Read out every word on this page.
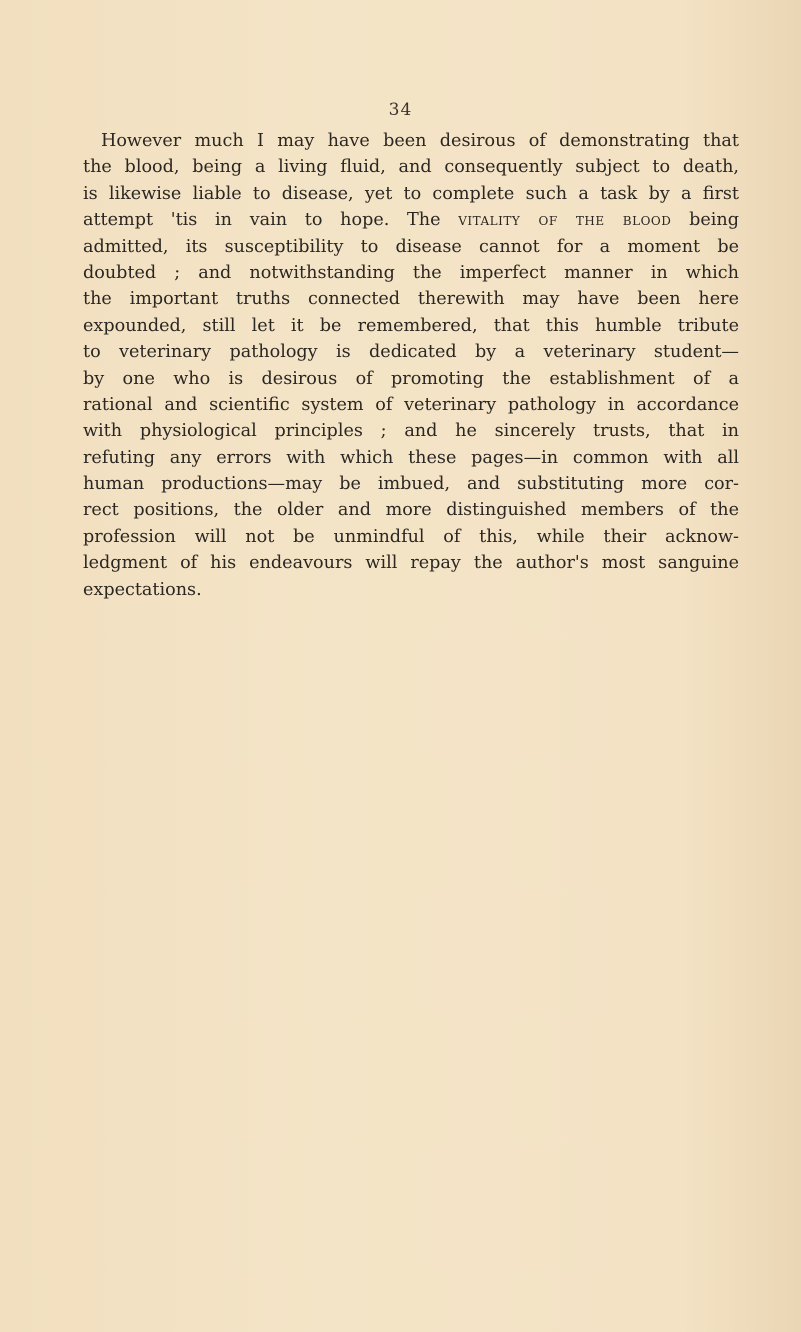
34
However much I may have been desirous of demonstrating that
the blood, being a living fluid, and consequently subject to death,
is likewise liable to disease, yet to complete such a task by a first
attempt 'tis in vain to hope. The vitality of the blood being
admitted, its susceptibility to disease cannot for a moment be
doubted ; and notwithstanding the imperfect manner in which
the important truths connected therewith may have been here
expounded, still let it be remembered, that this humble tribute
to veterinary pathology is dedicated by a veterinary student—
by one who is desirous of promoting the establishment of a
rational and scientific system of veterinary pathology in accordance
with physiological principles ; and he sincerely trusts, that in
refuting any errors with which these pages—in common with all
human productions—may be imbued, and substituting more cor-
rect positions, the older and more distinguished members of the
profession will not be unmindful of this, while their acknow-
ledgment of his endeavours will repay the author's most sanguine
expectations.
